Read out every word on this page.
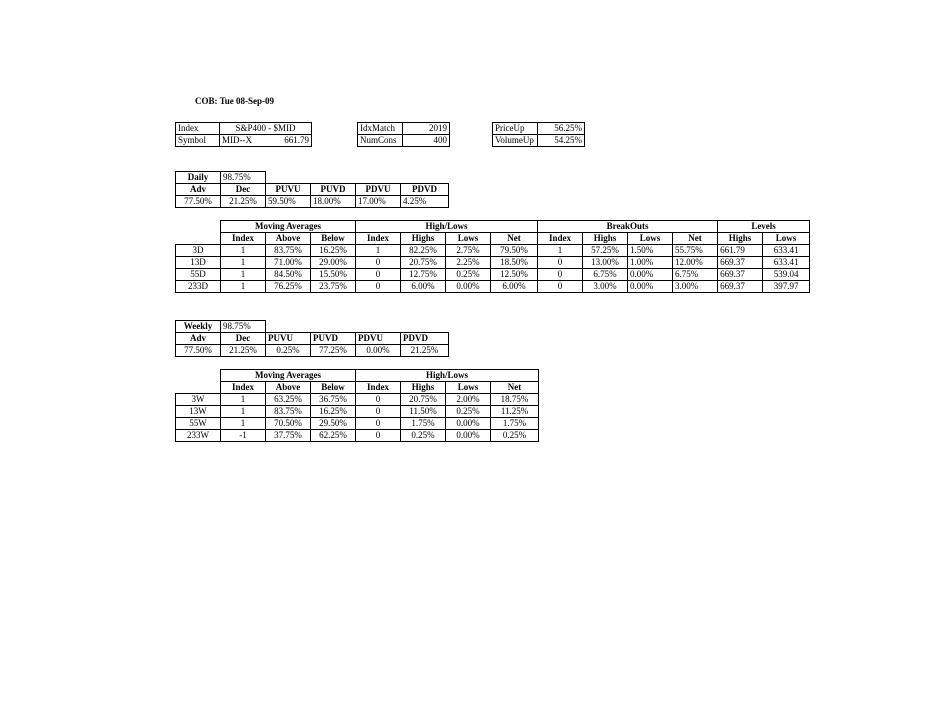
COB: Tue 08-Sep-09
Index	S&P400 - $MID	
Symbol	MID--X	661.79
IdxMatch	2019
NumCons	400
PriceUp	56.25%
VolumeUp	54.25%
Daily	98.75%				
Adv	Dec	PUVU	PUVD	PDVU	PDVD
77.50%	21.25%	59.50%	18.00%	17.00%	4.25%
	Moving Averages			High/Lows				BreakOuts				Levels	
	Index	Above	Below	Index	Highs	Lows	Net	Index	Highs	Lows	Net	Highs	Lows
3D	1	83.75%	16.25%	1	82.25%	2.75%	79.50%	1	57.25%	1.50%	55.75%	661.79	633.41
13D	1	71.00%	29.00%	0	20.75%	2.25%	18.50%	0	13.00%	1.00%	12.00%	669.37	633.41
55D	1	84.50%	15.50%	0	12.75%	0.25%	12.50%	0	6.75%	0.00%	6.75%	669.37	539.04
233D	1	76.25%	23.75%	0	6.00%	0.00%	6.00%	0	3.00%	0.00%	3.00%	669.37	397.97
Weekly	98.75%				
Adv	Dec	PUVU	PUVD	PDVU	PDVD
77.50%	21.25%	0.25%	77.25%	0.00%	21.25%
	Moving Averages			High/Lows			
	Index	Above	Below	Index	Highs	Lows	Net
3W	1	63.25%	36.75%	0	20.75%	2.00%	18.75%
13W	1	83.75%	16.25%	0	11.50%	0.25%	11.25%
55W	1	70.50%	29.50%	0	1.75%	0.00%	1.75%
233W	-1	37.75%	62.25%	0	0.25%	0.00%	0.25%
